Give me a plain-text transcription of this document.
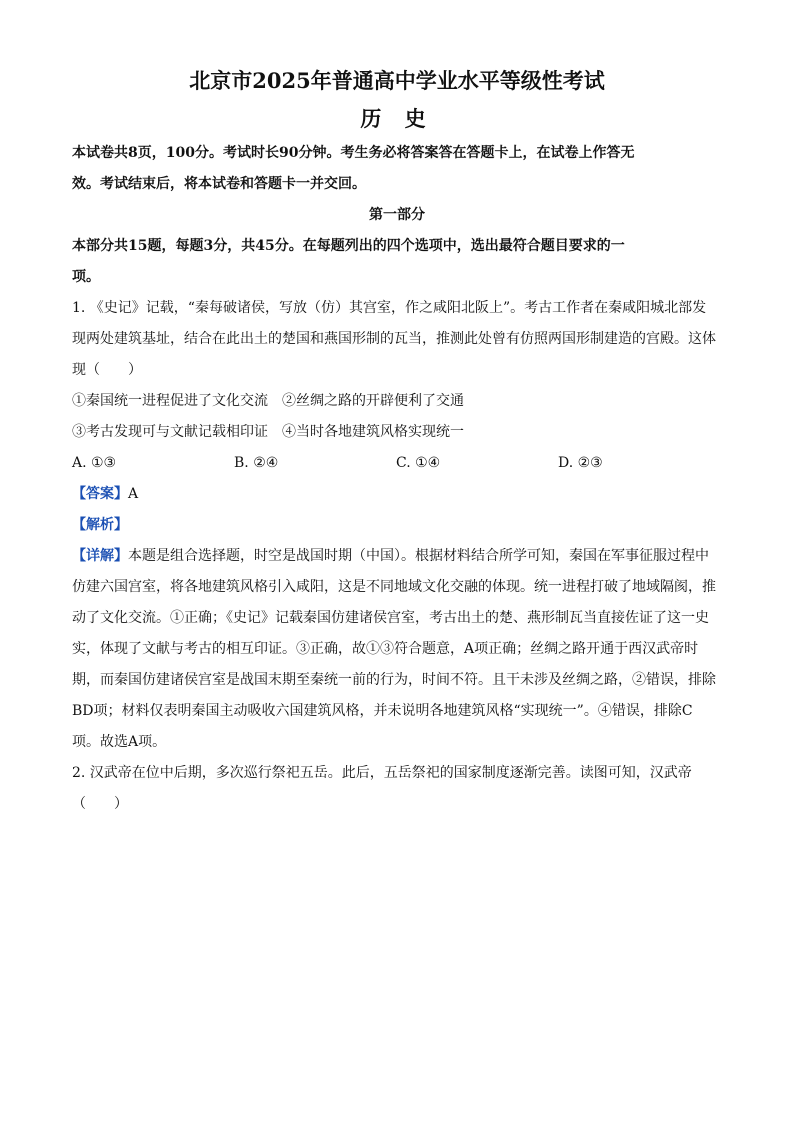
北京市2025年普通高中学业水平等级性考试

历 史

本试卷共8页，100分。考试时长90分钟。考生务必将答案答在答题卡上，在试卷上作答无

效。考试结束后，将本试卷和答题卡一并交回。

第一部分

本部分共15题，每题3分，共45分。在每题列出的四个选项中，选出最符合题目要求的一

项。

1. 《史记》记载，“秦每破诸侯，写放（仿）其宫室，作之咸阳北阪上”。考古工作者在秦咸阳城北部发

现两处建筑基址，结合在此出土的楚国和燕国形制的瓦当，推测此处曾有仿照两国形制建造的宫殿。这体

现（　　）

①秦国统一进程促进了文化交流　②丝绸之路的开辟便利了交通

③考古发现可与文献记载相印证　④当时各地建筑风格实现统一

A. ①③	B. ②④	C. ①④	D. ②③

【答案】A

【解析】

【详解】本题是组合选择题，时空是战国时期（中国）。根据材料结合所学可知，秦国在军事征服过程中

仿建六国宫室，将各地建筑风格引入咸阳，这是不同地域文化交融的体现。统一进程打破了地域隔阂，推

动了文化交流。①正确；《史记》记载秦国仿建诸侯宫室，考古出土的楚、燕形制瓦当直接佐证了这一史

实，体现了文献与考古的相互印证。③正确，故①③符合题意，A项正确；丝绸之路开通于西汉武帝时

期，而秦国仿建诸侯宫室是战国末期至秦统一前的行为，时间不符。且干未涉及丝绸之路，②错误，排除

BD项；材料仅表明秦国主动吸收六国建筑风格，并未说明各地建筑风格“实现统一”。④错误，排除C

项。故选A项。

2. 汉武帝在位中后期，多次巡行祭祀五岳。此后，五岳祭祀的国家制度逐渐完善。读图可知，汉武帝

（　　）
